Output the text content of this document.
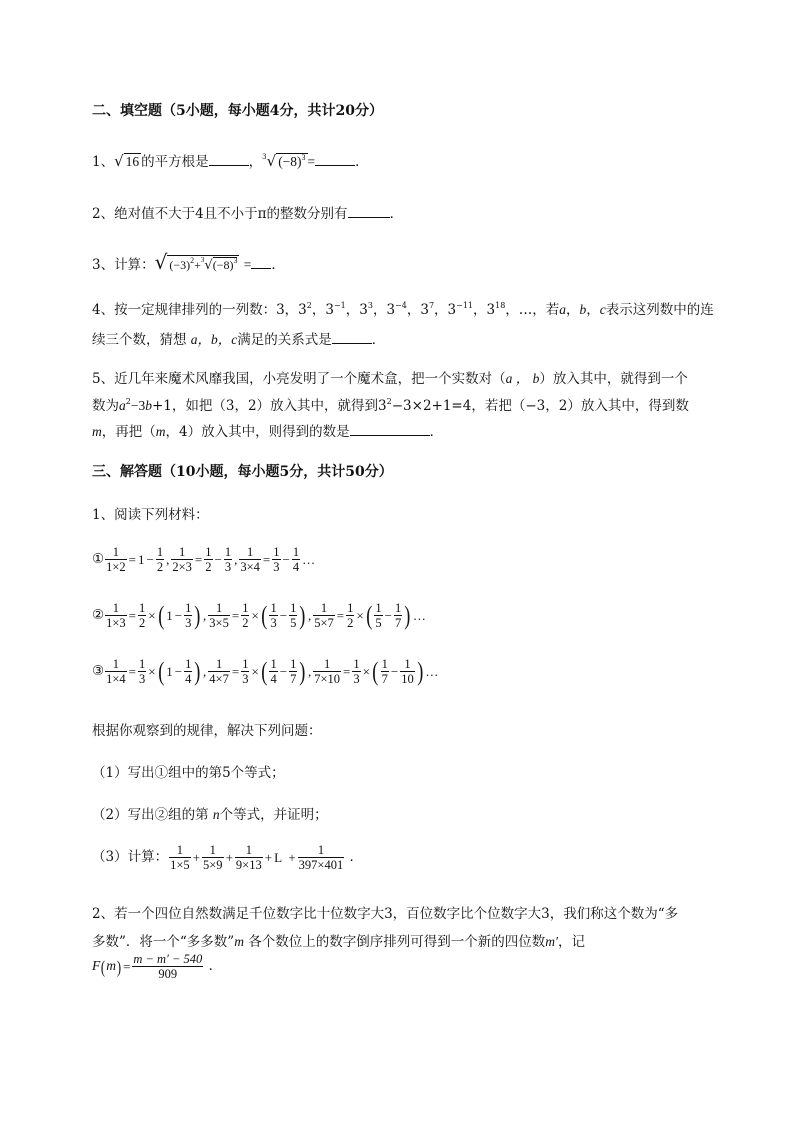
二、填空题（5小题，每小题4分，共计20分）
1、√ 16 的平方根是	，$^3$√ $(-8)^3$ =	．
2、绝对值不大于4且不小于π的整数分别有	．
3、计算：√ $(-3)^2+^3√(-8)^3$ = ．
4、按一定规律排列的一列数：3，$3^2$，$3^{-1}$，$3^3$，$3^{-4}$，$3^7$，$3^{-11}$，$3^{18}$，…，若a，b，c表示这列数中的连
续三个数，猜想 a，b，c满足的关系式是	．
5、近几年来魔术风靡我国，小亮发明了一个魔术盒，把一个实数对（a ， b）放入其中，就得到一个
数为$a^2-3b+1$，如把（3，2）放入其中，就得到$3^2-3\times 2+1=4$，若把（−3，2）放入其中，得到数
m，再把（m，4）放入其中，则得到的数是	．
三、解答题（10小题，每小题5分，共计50分）
1、阅读下列材料：
① $\frac{1}{1\times 2} = 1 - \frac{1}{2}$ , $\frac{1}{2\times 3} = \frac{1}{2} - \frac{1}{3}$ , $\frac{1}{3\times 4} = \frac{1}{3} - \frac{1}{4}$ …
② $\frac{1}{1\times 3} = \frac{1}{2}$ ×( $1 - \frac{1}{3}$ ) , $\frac{1}{3\times 5} = \frac{1}{2}$ ×( $\frac{1}{3} - \frac{1}{5}$ ) , $\frac{1}{5\times 7} = \frac{1}{2}$ ×( $\frac{1}{5} - \frac{1}{7}$ ) …
③ $\frac{1}{1\times 4} = \frac{1}{3}$ ×( $1 - \frac{1}{4}$ ) , $\frac{1}{4\times 7} = \frac{1}{3}$ ×( $\frac{1}{4} - \frac{1}{7}$ ) , $\frac{1}{7\times 10} = \frac{1}{3}$ ×( $\frac{1}{7} - \frac{1}{10}$ ) …
根据你观察到的规律，解决下列问题：
（1）写出①组中的第5个等式；
（2）写出②组的第 n个等式，并证明；
（3）计算： $\frac{1}{1\times 5} + \frac{1}{5\times 9} + \frac{1}{9\times 13} + L + \frac{1}{397\times 401}$ ．
2、若一个四位自然数满足千位数字比十位数字大3，百位数字比个位数字大3，我们称这个数为“多
多数”．将一个“多多数”m 各个数位上的数字倒序排列可得到一个新的四位数m′，记
$F(m) = \frac{m - m' - 540}{909}$ ．
